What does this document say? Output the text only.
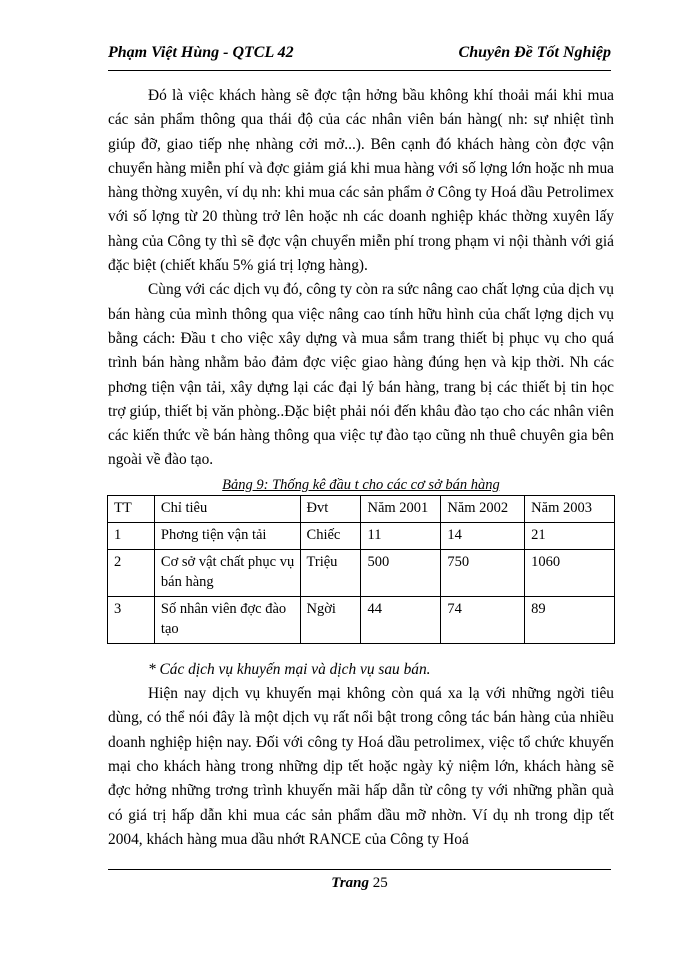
Phạm Việt Hùng - QTCL 42	Chuyên Đề Tốt Nghiệp

Đó là việc khách hàng sẽ đợc tận hởng bầu không khí thoải mái khi mua các sản phẩm thông qua thái độ của các nhân viên bán hàng( nh: sự nhiệt tình giúp đỡ, giao tiếp nhẹ nhàng cởi mở...). Bên cạnh đó khách hàng còn đợc vận chuyển hàng miễn phí và đợc giảm giá khi mua hàng với số lợng lớn hoặc nh mua hàng thờng xuyên, ví dụ nh: khi mua các sản phẩm ở Công ty Hoá dầu Petrolimex với số lợng từ 20 thùng trở lên hoặc nh các doanh nghiệp khác thờng xuyên lấy hàng của Công ty thì sẽ đợc vận chuyển miễn phí trong phạm vi nội thành với giá đặc biệt (chiết khấu 5% giá trị lợng hàng).

Cùng với các dịch vụ đó, công ty còn ra sức nâng cao chất lợng của dịch vụ bán hàng của mình thông qua việc nâng cao tính hữu hình của chất lợng dịch vụ bằng cách: Đầu t cho việc xây dựng và mua sắm trang thiết bị phục vụ cho quá trình bán hàng nhằm bảo đảm đợc việc giao hàng đúng hẹn và kịp thời. Nh các phơng tiện vận tải, xây dựng lại các đại lý bán hàng, trang bị các thiết bị tin học trợ giúp, thiết bị văn phòng..Đặc biệt phải nói đến khâu đào tạo cho các nhân viên các kiến thức về bán hàng thông qua việc tự đào tạo cũng nh thuê chuyên gia bên ngoài về đào tạo.

Bảng 9: Thống kê đầu t cho các cơ sở bán hàng

TT	Chỉ tiêu	Đvt	Năm 2001	Năm 2002	Năm 2003
1	Phơng tiện vận tải	Chiếc	11	14	21
2	Cơ sở vật chất phục vụ bán hàng	Triệu	500	750	1060
3	Số nhân viên đợc đào tạo	Ngời	44	74	89

* Các dịch vụ khuyến mại và dịch vụ sau bán.

Hiện nay dịch vụ khuyến mại không còn quá xa lạ với những ngời tiêu dùng, có thể nói đây là một dịch vụ rất nổi bật trong công tác bán hàng của nhiều doanh nghiệp hiện nay. Đối với công ty Hoá dầu petrolimex, việc tổ chức khuyến mại cho khách hàng trong những dịp tết hoặc ngày kỷ niệm lớn, khách hàng sẽ đợc hởng những trơng trình khuyến mãi hấp dẫn từ công ty với những phần quà có giá trị hấp dẫn khi mua các sản phẩm dầu mỡ nhờn. Ví dụ nh trong dịp tết 2004, khách hàng mua dầu nhớt RANCE của Công ty Hoá

Trang 25
